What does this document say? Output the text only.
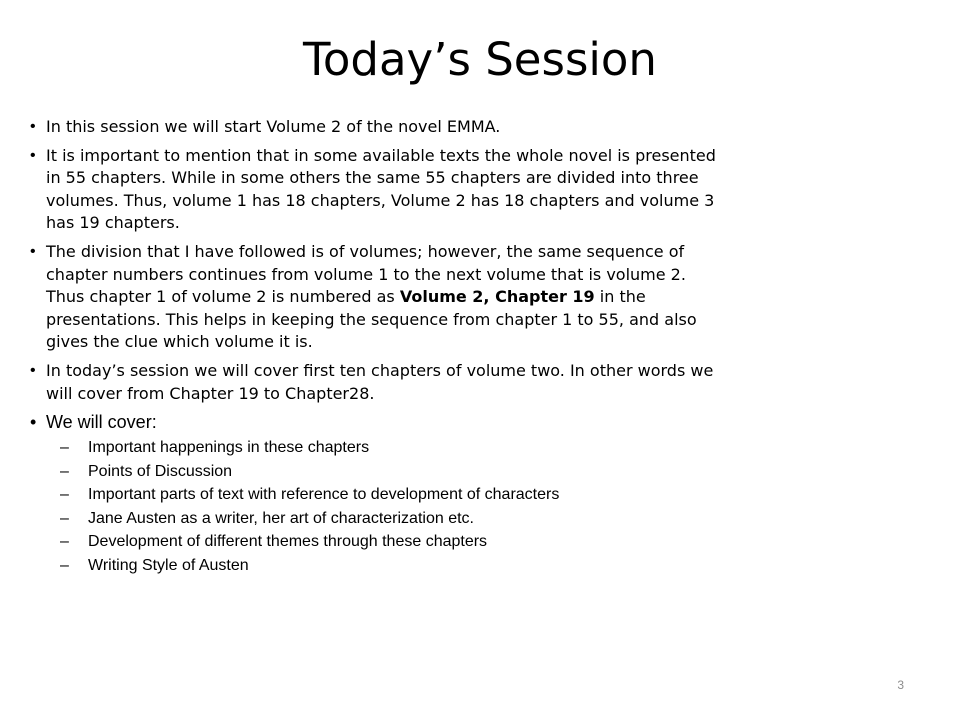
Today’s Session
• In this session we will start Volume 2 of the novel EMMA.
• It is important to mention that in some available texts the whole novel is presented in 55 chapters. While in some others the same 55 chapters are divided into three volumes. Thus, volume 1 has 18 chapters, Volume 2 has 18 chapters and volume 3 has 19 chapters.
• The division that I have followed is of volumes; however, the same sequence of chapter numbers continues from volume 1 to the next volume that is volume 2. Thus chapter 1 of volume 2 is numbered as Volume 2, Chapter 19 in the presentations. This helps in keeping the sequence from chapter 1 to 55, and also gives the clue which volume it is.
• In today’s session we will cover first ten chapters of volume two. In other words we will cover from Chapter 19 to Chapter28.
• We will cover:
– Important happenings in these chapters
– Points of Discussion
– Important parts of text with reference to development of characters
– Jane Austen as a writer, her art of characterization etc.
– Development of different themes through these chapters
– Writing Style of Austen
3
